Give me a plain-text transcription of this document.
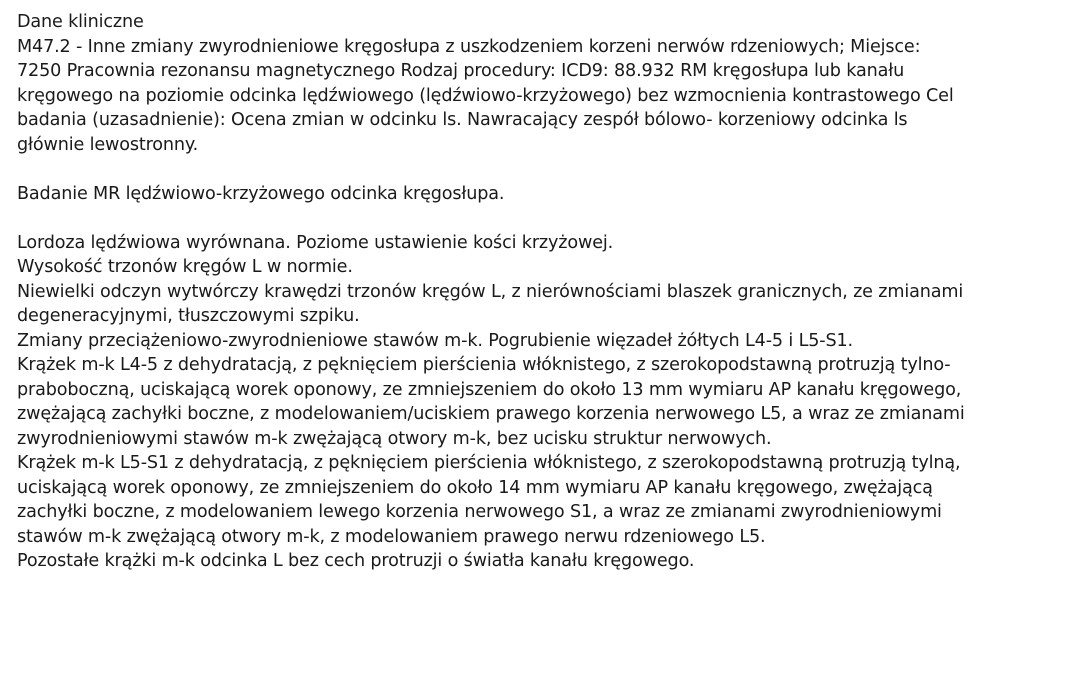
Dane kliniczne
M47.2 - Inne zmiany zwyrodnieniowe kręgosłupa z uszkodzeniem korzeni nerwów rdzeniowych; Miejsce:
7250 Pracownia rezonansu magnetycznego Rodzaj procedury: ICD9: 88.932 RM kręgosłupa lub kanału
kręgowego na poziomie odcinka lędźwiowego (lędźwiowo-krzyżowego) bez wzmocnienia kontrastowego Cel
badania (uzasadnienie): Ocena zmian w odcinku ls. Nawracający zespół bólowo- korzeniowy odcinka ls
głównie lewostronny.
Badanie MR lędźwiowo-krzyżowego odcinka kręgosłupa.
Lordoza lędźwiowa wyrównana. Poziome ustawienie kości krzyżowej.
Wysokość trzonów kręgów L w normie.
Niewielki odczyn wytwórczy krawędzi trzonów kręgów L, z nierównościami blaszek granicznych, ze zmianami
degeneracyjnymi, tłuszczowymi szpiku.
Zmiany przeciążeniowo-zwyrodnieniowe stawów m-k. Pogrubienie więzadeł żółtych L4-5 i L5-S1.
Krążek m-k L4-5 z dehydratacją, z pęknięciem pierścienia włóknistego, z szerokopodstawną protruzją tylno-
praboboczną, uciskającą worek oponowy, ze zmniejszeniem do około 13 mm wymiaru AP kanału kręgowego,
zwężającą zachyłki boczne, z modelowaniem/uciskiem prawego korzenia nerwowego L5, a wraz ze zmianami
zwyrodnieniowymi stawów m-k zwężającą otwory m-k, bez ucisku struktur nerwowych.
Krążek m-k L5-S1 z dehydratacją, z pęknięciem pierścienia włóknistego, z szerokopodstawną protruzją tylną,
uciskającą worek oponowy, ze zmniejszeniem do około 14 mm wymiaru AP kanału kręgowego, zwężającą
zachyłki boczne, z modelowaniem lewego korzenia nerwowego S1, a wraz ze zmianami zwyrodnieniowymi
stawów m-k zwężającą otwory m-k, z modelowaniem prawego nerwu rdzeniowego L5.
Pozostałe krążki m-k odcinka L bez cech protruzji o światła kanału kręgowego.
